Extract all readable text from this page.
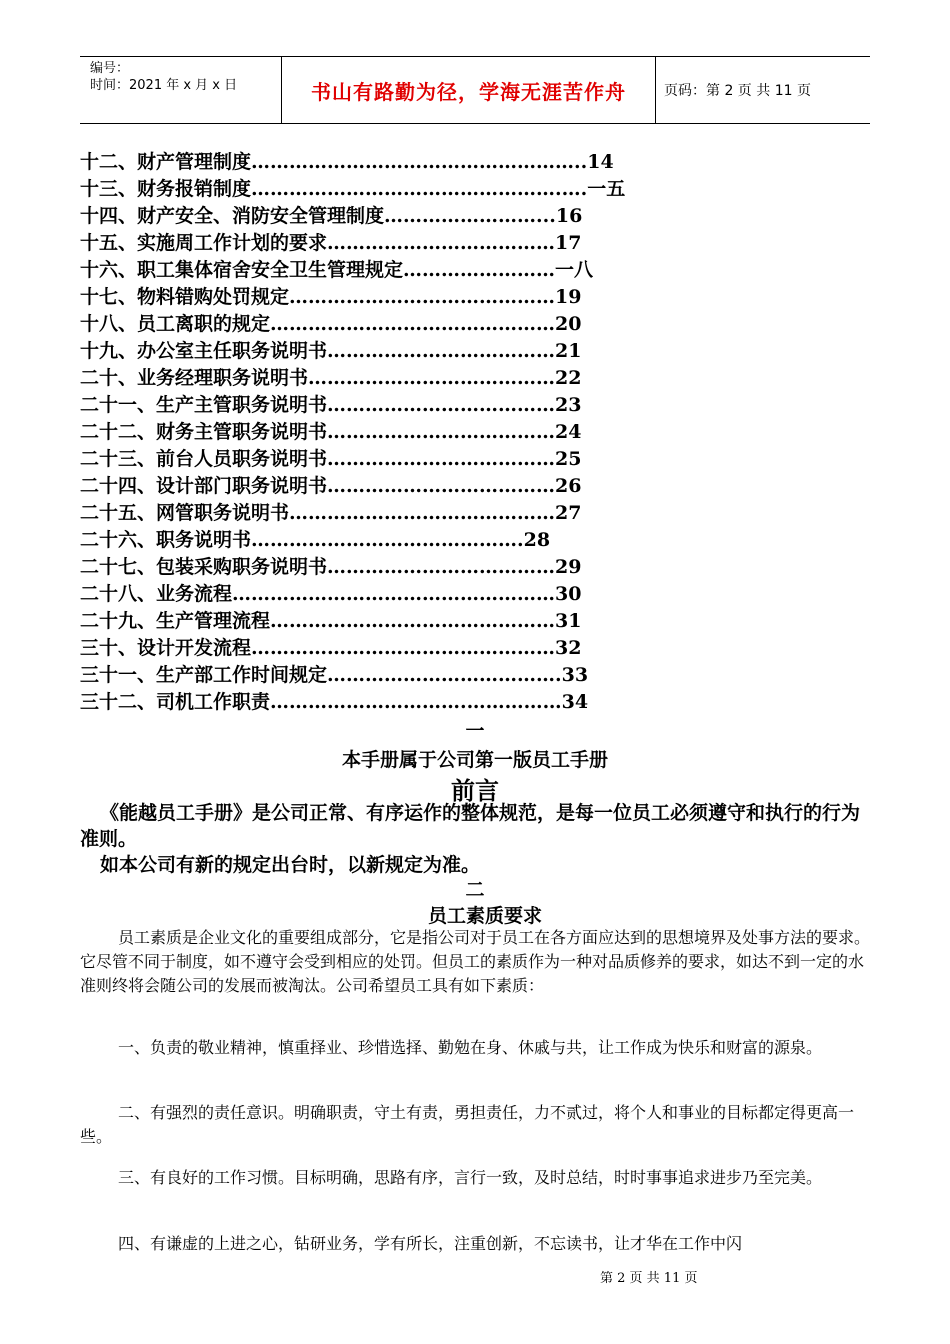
编号：
时间：2021 年 x 月 x 日	书山有路勤为径，学海无涯苦作舟	页码：第 2 页 共 11 页
十二、财产管理制度……………………………………………..14
十三、财务报销制度………………………………………….….一五
十四、财产安全、消防安全管理制度……………………...16
十五、实施周工作计划的要求………………………………17
十六、职工集体宿舍安全卫生管理规定……………………一八
十七、物料错购处罚规定……………………………………19
十八、员工离职的规定………………………………………20
十九、办公室主任职务说明书………………………………21
二十、业务经理职务说明书…………………………………22
二十一、生产主管职务说明书………………………………23
二十二、财务主管职务说明书………………………………24
二十三、前台人员职务说明书………………………………25
二十四、设计部门职务说明书………………………………26
二十五、网管职务说明书……………………………………27
二十六、职务说明书…………………………………….28
二十七、包装采购职务说明书………………………………29
二十八、业务流程……………………………………………30
二十九、生产管理流程………………………………………31
三十、设计开发流程…………………………………………32
三十一、生产部工作时间规定……………………………….33
三十二、司机工作职责………………………….……………34
一
本手册属于公司第一版员工手册
前言
《能越员工手册》是公司正常、有序运作的整体规范，是每一位员工必须遵守和执行的行为准则。
如本公司有新的规定出台时，以新规定为准。
二
员工素质要求
员工素质是企业文化的重要组成部分，它是指公司对于员工在各方面应达到的思想境界及处事方法的要求。它尽管不同于制度，如不遵守会受到相应的处罚。但员工的素质作为一种对品质修养的要求，如达不到一定的水准则终将会随公司的发展而被淘汰。公司希望员工具有如下素质：
一、负责的敬业精神，慎重择业、珍惜选择、勤勉在身、休戚与共，让工作成为快乐和财富的源泉。
二、有强烈的责任意识。明确职责，守土有责，勇担责任，力不贰过，将个人和事业的目标都定得更高一些。
三、有良好的工作习惯。目标明确，思路有序，言行一致，及时总结，时时事事追求进步乃至完美。
四、有谦虚的上进之心，钻研业务，学有所长，注重创新，不忘读书，让才华在工作中闪
第 2 页 共 11 页
